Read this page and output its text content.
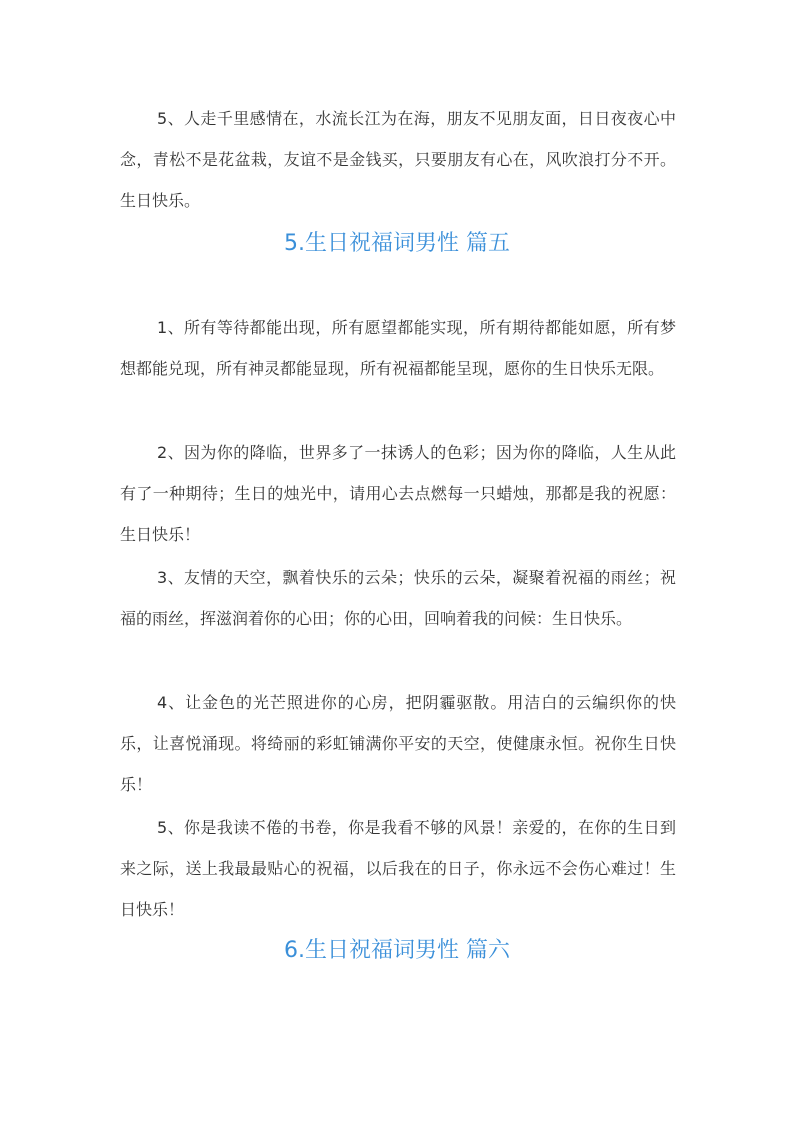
5、人走千里感情在，水流长江为在海，朋友不见朋友面，日日夜夜心中念，青松不是花盆栽，友谊不是金钱买，只要朋友有心在，风吹浪打分不开。生日快乐。

5.生日祝福词男性 篇五

1、所有等待都能出现，所有愿望都能实现，所有期待都能如愿，所有梦想都能兑现，所有神灵都能显现，所有祝福都能呈现，愿你的生日快乐无限。

2、因为你的降临，世界多了一抹诱人的色彩；因为你的降临，人生从此有了一种期待；生日的烛光中，请用心去点燃每一只蜡烛，那都是我的祝愿：生日快乐！

3、友情的天空，飘着快乐的云朵；快乐的云朵，凝聚着祝福的雨丝；祝福的雨丝，挥滋润着你的心田；你的心田，回响着我的问候：生日快乐。

4、让金色的光芒照进你的心房，把阴霾驱散。用洁白的云编织你的快乐，让喜悦涌现。将绮丽的彩虹铺满你平安的天空，使健康永恒。祝你生日快乐！

5、你是我读不倦的书卷，你是我看不够的风景！亲爱的，在你的生日到来之际，送上我最最贴心的祝福，以后我在的日子，你永远不会伤心难过！生日快乐！

6.生日祝福词男性 篇六
